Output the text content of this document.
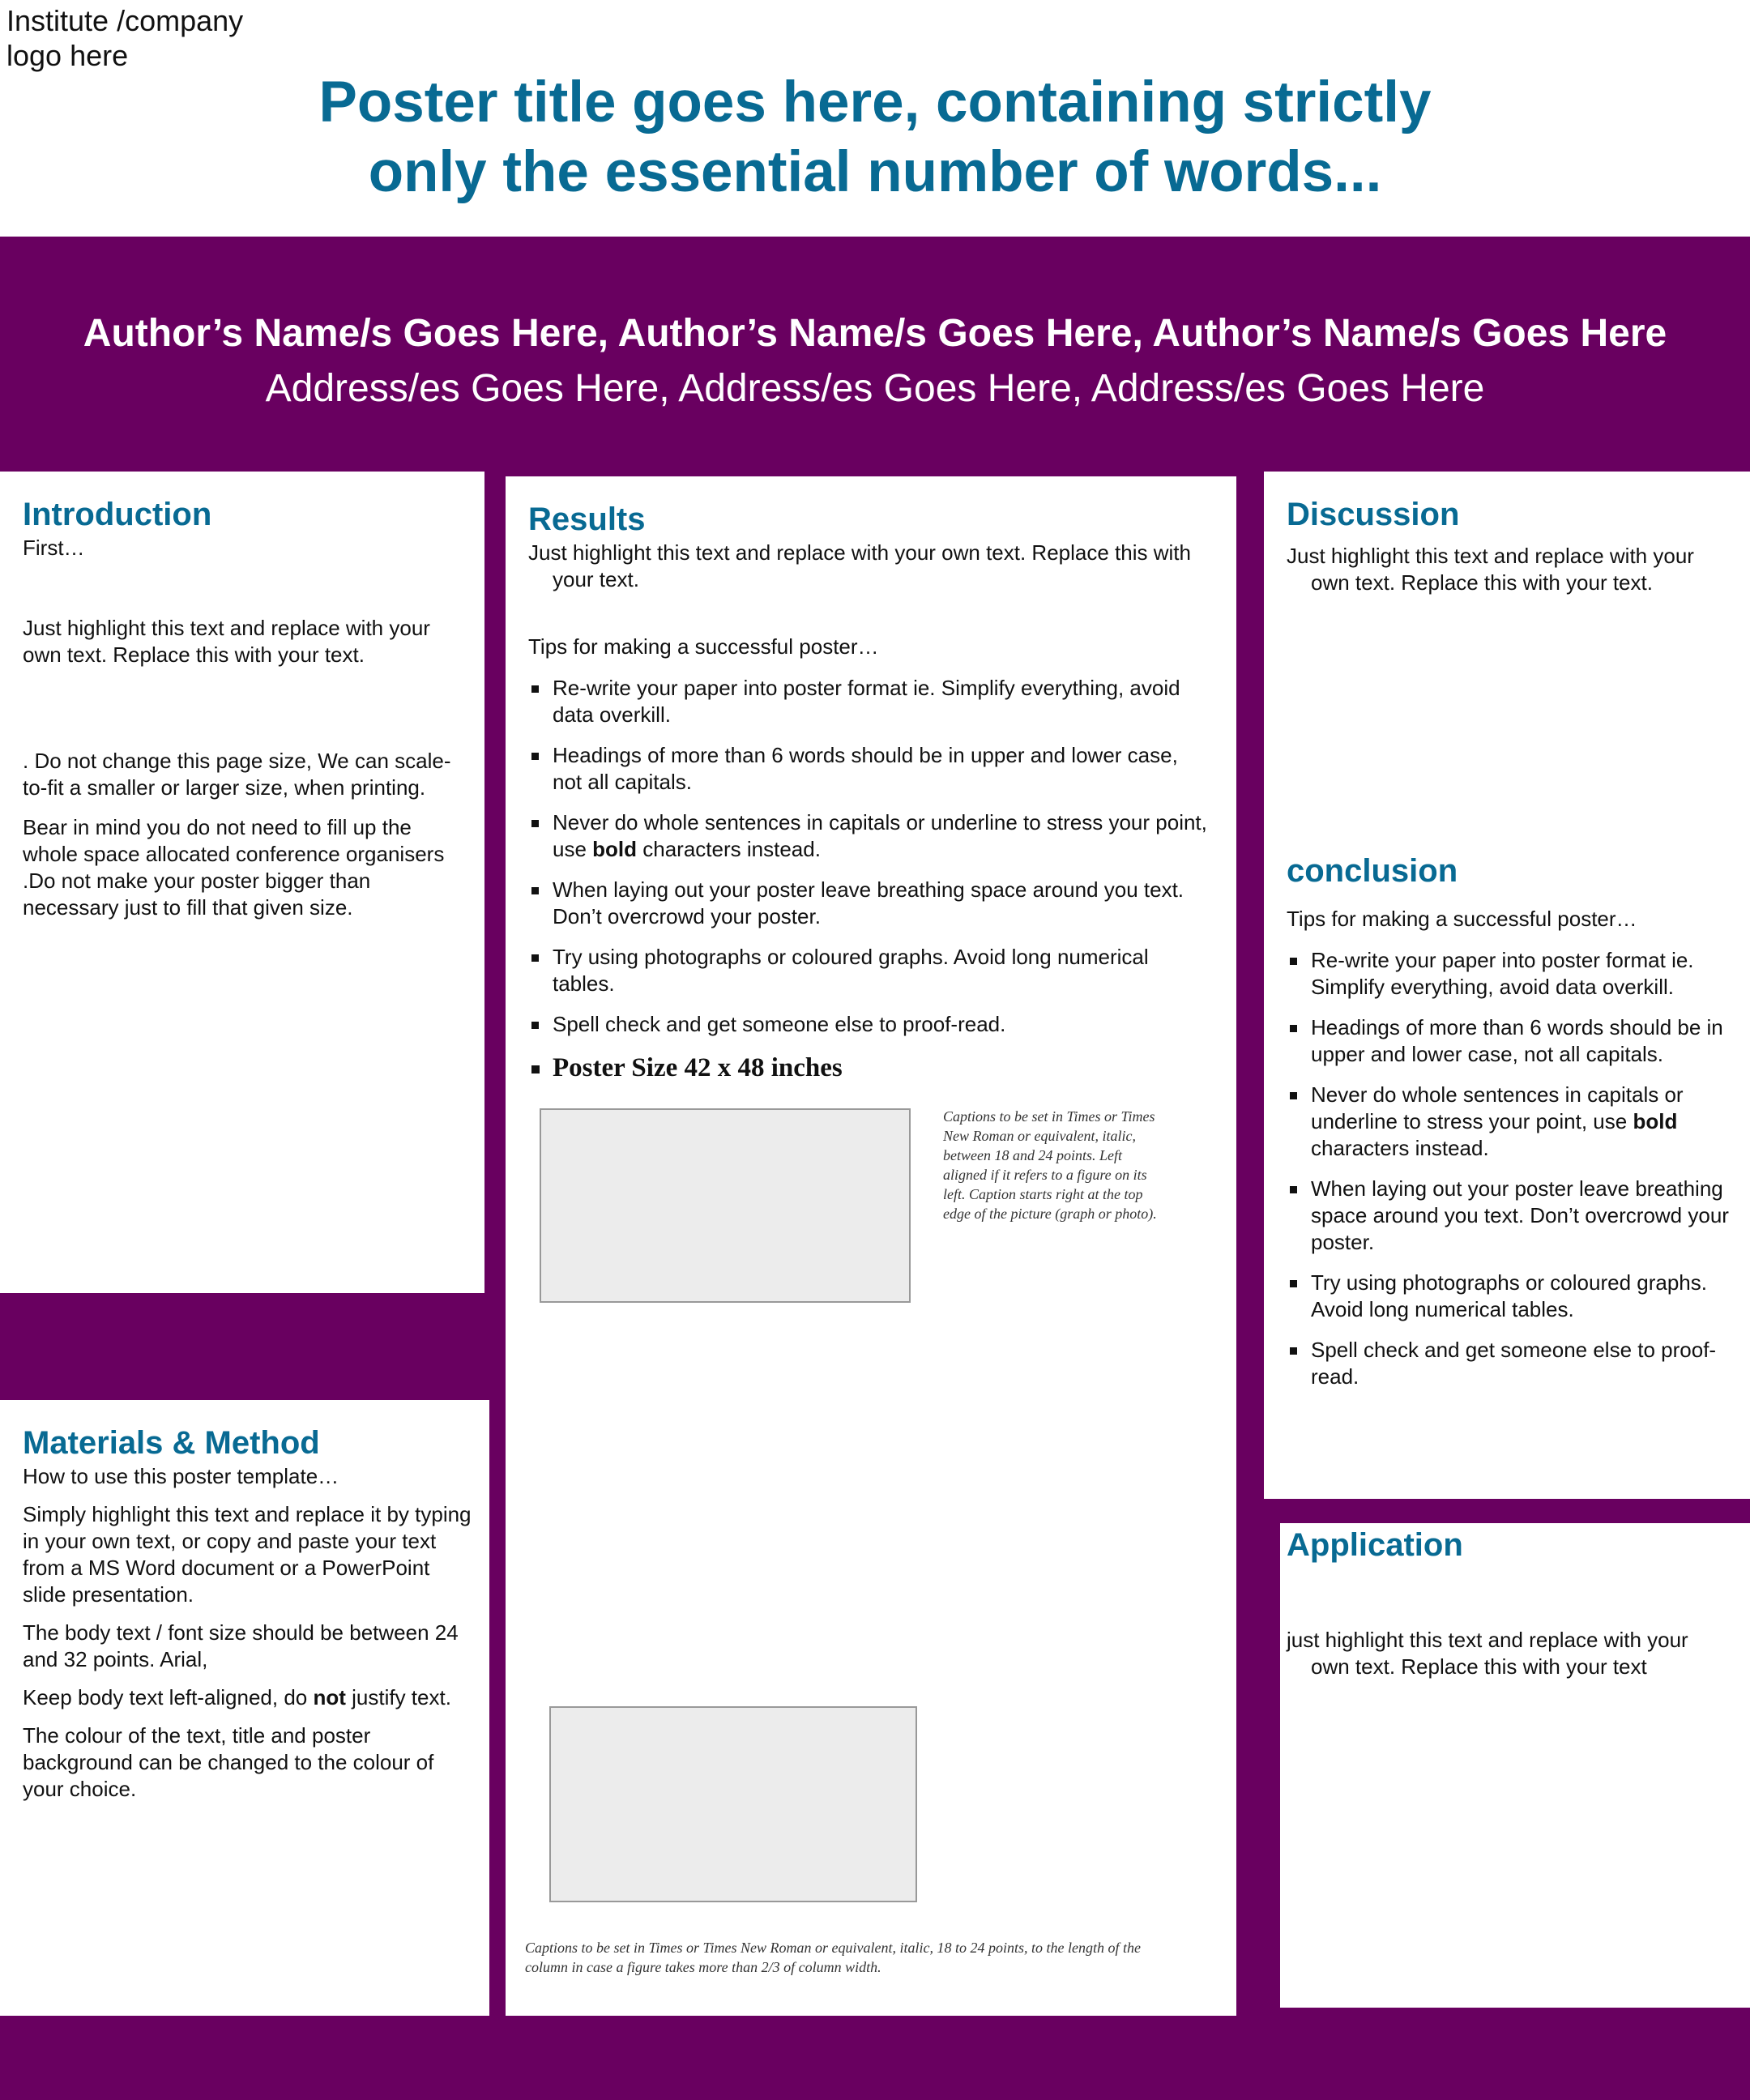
Institute /company
logo here
Poster title goes here, containing strictly
only the essential number of words...
Author’s Name/s Goes Here, Author’s Name/s Goes Here, Author’s Name/s Goes Here
Address/es Goes Here, Address/es Goes Here, Address/es Goes Here
Introduction

First…

Just highlight this text and replace with your own text. Replace this with your text.

. Do not change this page size, We can scale-to-fit a smaller or larger size, when printing.

Bear in mind you do not need to fill up the whole space allocated conference organisers .Do not make your poster bigger than necessary just to fill that given size.

Materials & Method

How to use this poster template…

Simply highlight this text and replace it by typing in your own text, or copy and paste your text from a MS Word document or a PowerPoint slide presentation.

The body text / font size should be between 24 and 32 points. Arial,

Keep body text left-aligned, do not justify text.

The colour of the text, title and poster background can be changed to the colour of your choice.

Results

Just highlight this text and replace with your own text. Replace this with your text.

Tips for making a successful poster…

Re-write your paper into poster format ie. Simplify everything, avoid data overkill.
Headings of more than 6 words should be in upper and lower case, not all capitals.
Never do whole sentences in capitals or underline to stress your point, use bold characters instead.
When laying out your poster leave breathing space around you text. Don’t overcrowd your poster.
Try using photographs or coloured graphs. Avoid long numerical tables.
Spell check and get someone else to proof-read.
Poster Size 42 x 48 inches
Captions to be set in Times or Times New Roman or equivalent, italic, between 18 and 24 points. Left aligned if it refers to a figure on its left. Caption starts right at the top edge of the picture (graph or photo).
Captions to be set in Times or Times New Roman or equivalent, italic, 18 to 24 points, to the length of the column in case a figure takes more than 2/3 of column width.
Discussion

Just highlight this text and replace with your own text. Replace this with your text.

conclusion

Tips for making a successful poster…

Re-write your paper into poster format ie. Simplify everything, avoid data overkill.
Headings of more than 6 words should be in upper and lower case, not all capitals.
Never do whole sentences in capitals or underline to stress your point, use bold characters instead.
When laying out your poster leave breathing space around you text. Don’t overcrowd your poster.
Try using photographs or coloured graphs. Avoid long numerical tables.
Spell check and get someone else to proof-read.
Application

just highlight this text and replace with your own text. Replace this with your text
